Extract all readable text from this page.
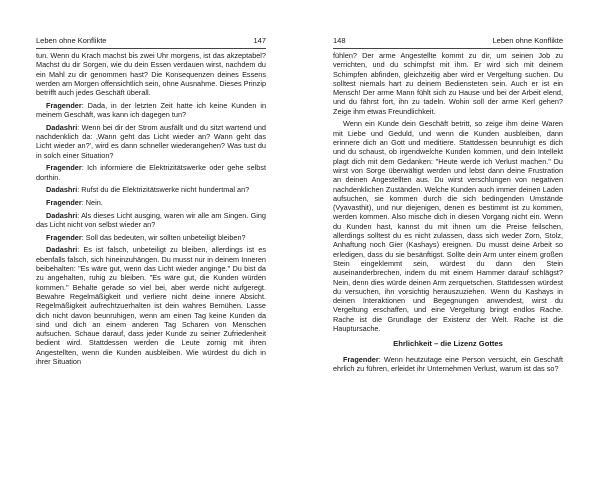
Leben ohne Konflikte	147

tun. Wenn du Krach machst bis zwei Uhr morgens, ist das akzeptabel? Machst du dir Sorgen, wie du dein Essen verdauen wirst, nachdem du ein Mahl zu dir genommen hast? Die Konsequenzen deines Essens werden am Morgen offensichtlich sein, ohne Ausnahme. Dieses Prinzip betrifft auch jedes Geschäft überall.

Fragender: Dada, in der letzten Zeit hatte ich keine Kunden in meinem Geschäft, was kann ich dagegen tun?

Dadashri: Wenn bei dir der Strom ausfällt und du sitzt wartend und nachdenklich da: ‚Wann geht das Licht wieder an? Wann geht das Licht wieder an?', wird es dann schneller wiederangehen? Was tust du in solch einer Situation?

Fragender: Ich informiere die Elektrizitätswerke oder gehe selbst dorthin.

Dadashri: Rufst du die Elektrizitätswerke nicht hundertmal an?

Fragender: Nein.

Dadashri: Als dieses Licht ausging, waren wir alle am Singen. Ging das Licht nicht von selbst wieder an?

Fragender: Soll das bedeuten, wir sollten unbeteiligt bleiben?

Dadashri: Es ist falsch, unbeteiligt zu bleiben, allerdings ist es ebenfalls falsch, sich hineinzuhängen. Du musst nur in deinem Inneren beibehalten: "Es wäre gut, wenn das Licht wieder anginge." Du bist da zu angehalten, ruhig zu bleiben. "Es wäre gut, die Kunden würden kommen." Behalte gerade so viel bei, aber werde nicht aufgeregt. Bewahre Regelmäßigkeit und verliere nicht deine innere Absicht. Regelmäßigkeit aufrechtzuerhalten ist dein wahres Bemühen. Lasse dich nicht davon beunruhigen, wenn am einen Tag keine Kunden da sind und dich an einem anderen Tag Scharen von Menschen aufsuchen. Schaue darauf, dass jeder Kunde zu seiner Zufriedenheit bedient wird. Stattdessen werden die Leute zornig mit ihren Angestellten, wenn die Kunden ausbleiben. Wie würdest du dich in ihrer Situation

148	Leben ohne Konflikte

fühlen? Der arme Angestellte kommt zu dir, um seinen Job zu verrichten, und du schimpfst mit ihm. Er wird sich mit deinem Schimpfen abfinden, gleichzeitig aber wird er Vergeltung suchen. Du solltest niemals hart zu deinem Bediensteten sein. Auch er ist ein Mensch! Der arme Mann fühlt sich zu Hause und bei der Arbeit elend, und du fährst fort, ihn zu tadeln. Wohin soll der arme Kerl gehen? Zeige ihm etwas Freundlichkeit.

Wenn ein Kunde dein Geschäft betritt, so zeige ihm deine Waren mit Liebe und Geduld, und wenn die Kunden ausbleiben, dann erinnere dich an Gott und meditiere. Stattdessen beunruhigt es dich und du schaust, ob irgendwelche Kunden kommen, und dein Intellekt plagt dich mit dem Gedanken: "Heute werde ich Verlust machen." Du wirst von Sorge überwältigt werden und lebst dann deine Frustration an deinen Angestellten aus. Du wirst verschlungen von negativen nachdenklichen Zuständen. Welche Kunden auch immer deinen Laden aufsuchen, sie kommen durch die sich bedingenden Umstände (Vyavasthit), und nur diejenigen, denen es bestimmt ist zu kommen, werden kommen. Also mische dich in diesen Vorgang nicht ein. Wenn du Kunden hast, kannst du mit ihnen um die Preise feilschen, allerdings solltest du es nicht zulassen, dass sich weder Zorn, Stolz, Anhaftung noch Gier (Kashays) ereignen. Du musst deine Arbeit so erledigen, dass du sie besänftigst. Sollte dein Arm unter einem großen Stein eingeklemmt sein, würdest du dann den Stein auseinanderbrechen, indem du mit einem Hammer darauf schlägst? Nein, denn dies würde deinen Arm zerquetschen. Stattdessen würdest du versuchen, ihn vorsichtig herauszuziehen. Wenn du Kashays in deinen Interaktionen und Begegnungen anwendest, wirst du Vergeltung erschaffen, und eine Vergeltung bringt endlos Rache. Rache ist die Grundlage der Existenz der Welt. Rache ist die Hauptursache.

Ehrlichkeit – die Lizenz Gottes

Fragender: Wenn heutzutage eine Person versucht, ein Geschäft ehrlich zu führen, erleidet ihr Unternehmen Verlust, warum ist das so?
